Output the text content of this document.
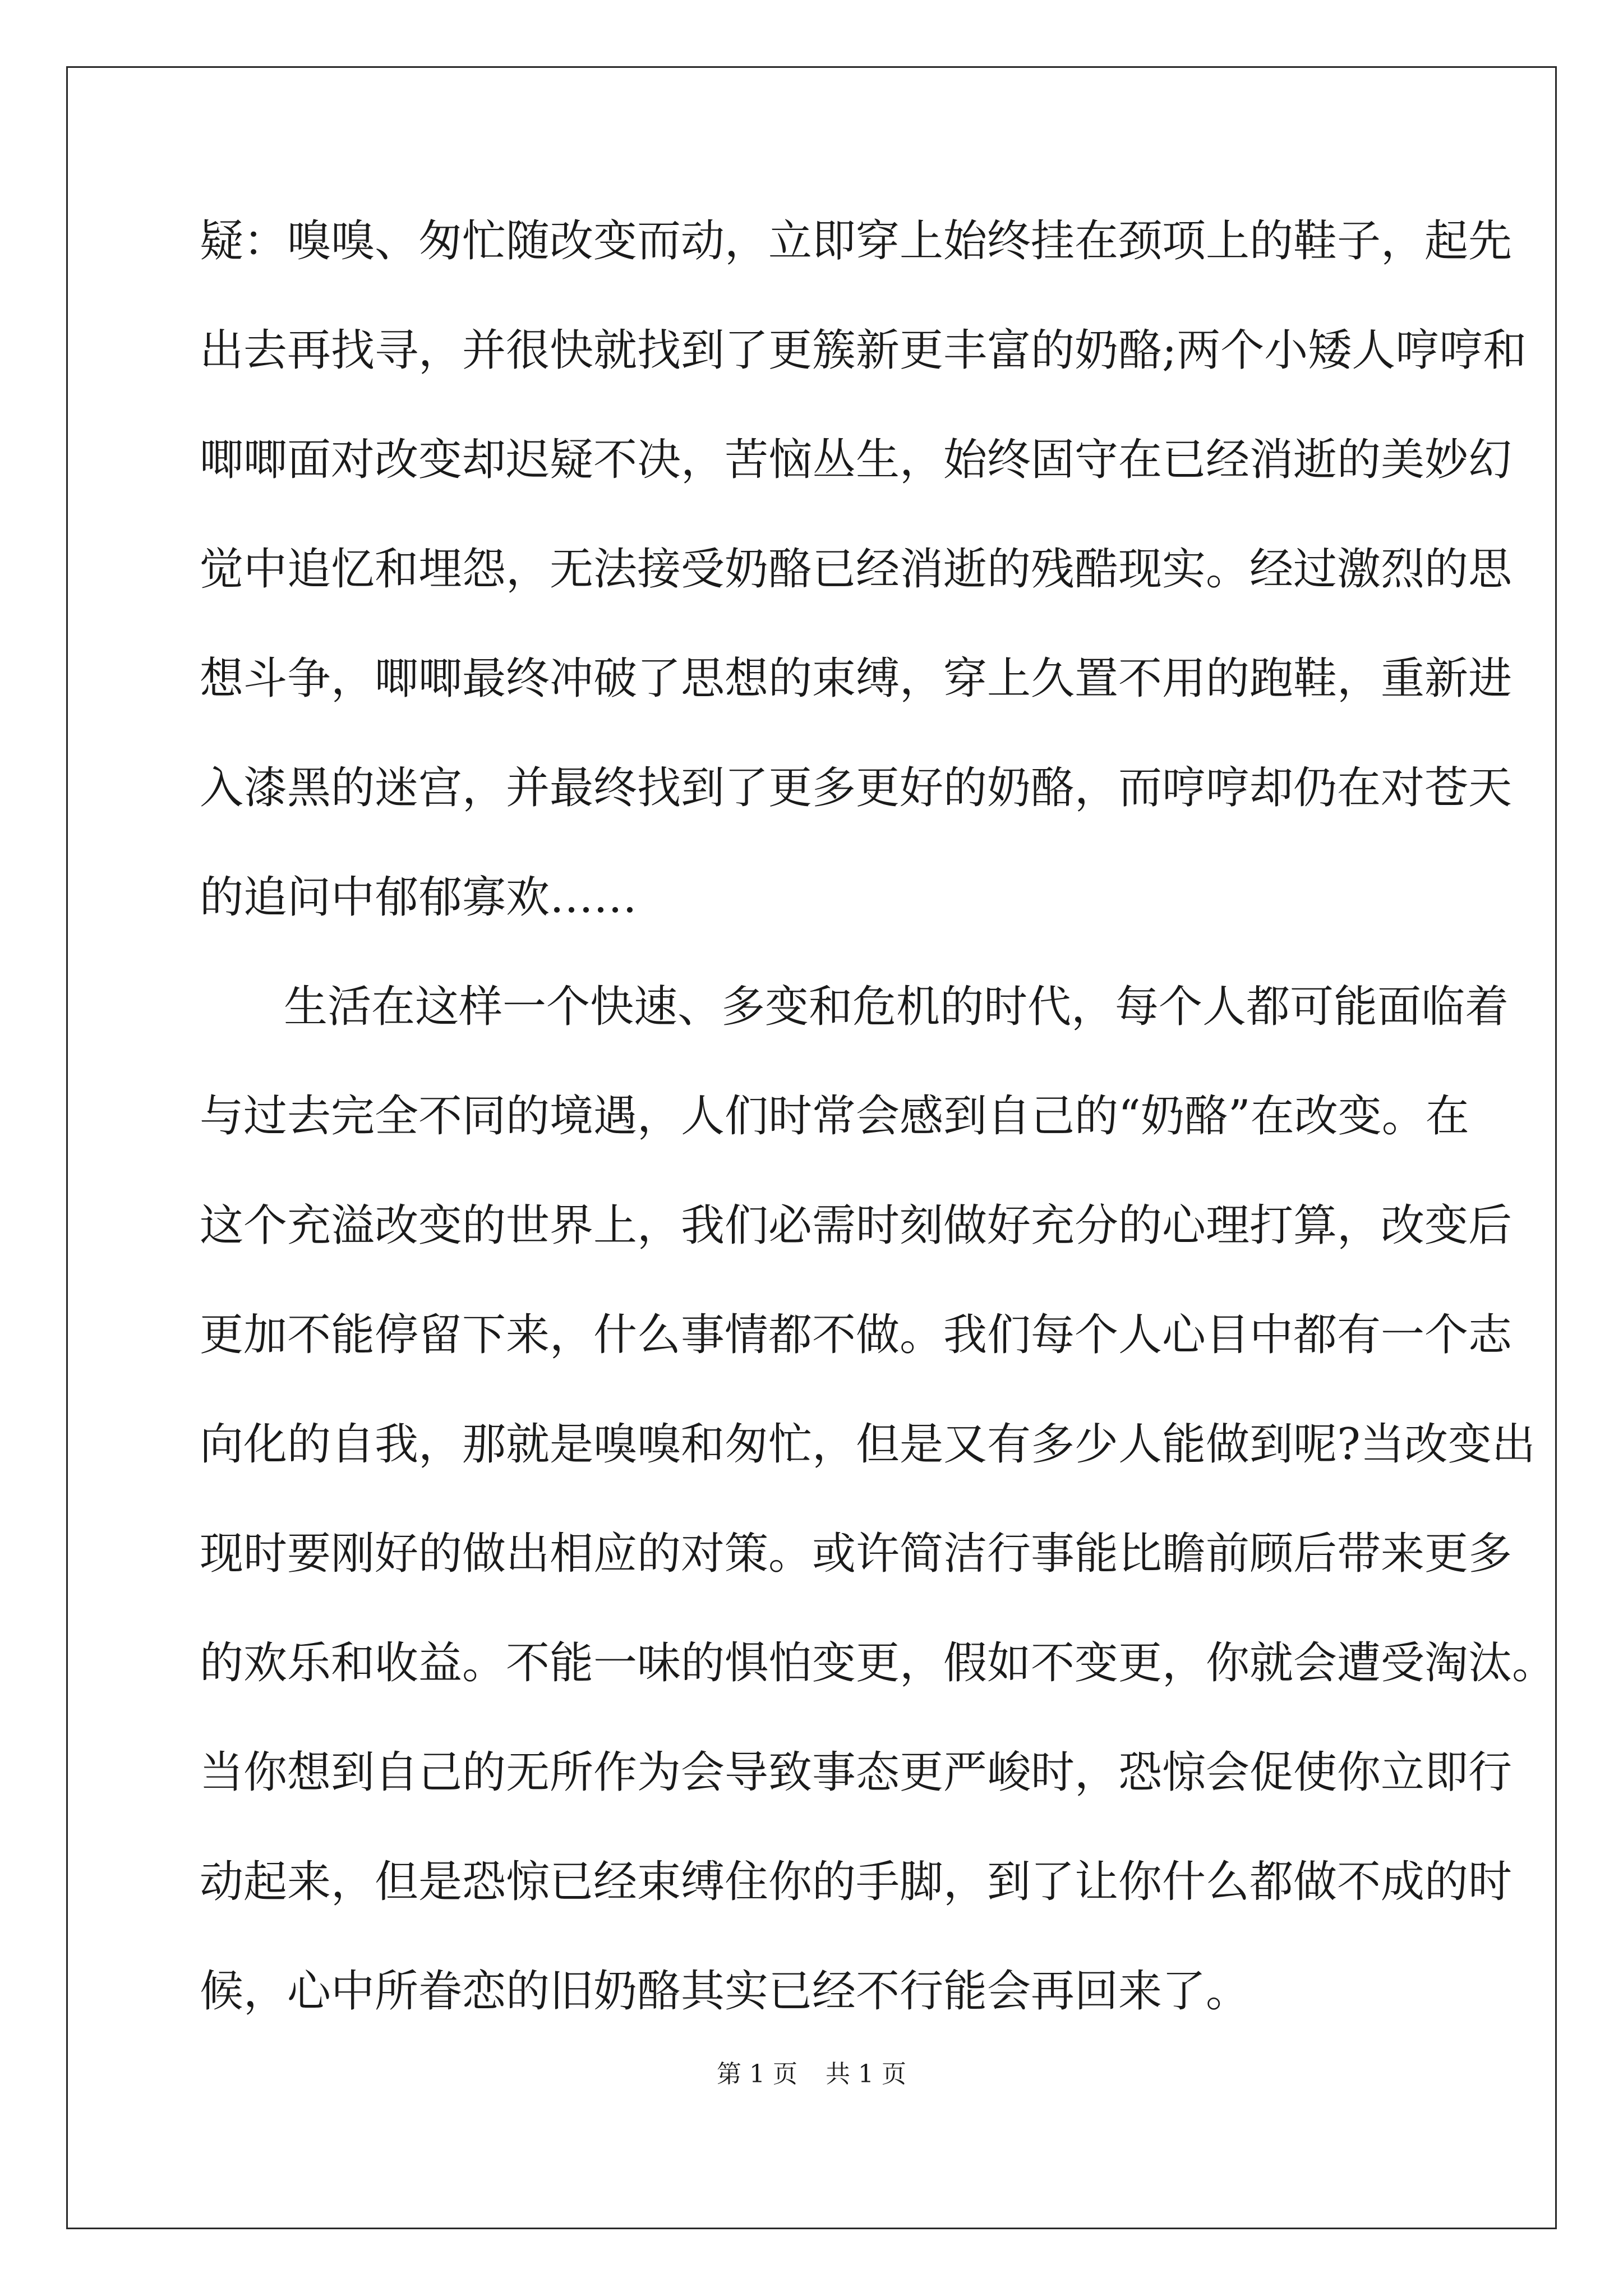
疑：嗅嗅、匆忙随改变而动，立即穿上始终挂在颈项上的鞋子，起先
出去再找寻，并很快就找到了更簇新更丰富的奶酪;两个小矮人哼哼和
唧唧面对改变却迟疑不决，苦恼丛生，始终固守在已经消逝的美妙幻
觉中追忆和埋怨，无法接受奶酪已经消逝的残酷现实。经过激烈的思
想斗争，唧唧最终冲破了思想的束缚，穿上久置不用的跑鞋，重新进
入漆黑的迷宫，并最终找到了更多更好的奶酪，而哼哼却仍在对苍天
的追问中郁郁寡欢……
生活在这样一个快速、多变和危机的时代，每个人都可能面临着
与过去完全不同的境遇，人们时常会感到自己的“奶酪”在改变。在
这个充溢改变的世界上，我们必需时刻做好充分的心理打算，改变后
更加不能停留下来，什么事情都不做。我们每个人心目中都有一个志
向化的自我，那就是嗅嗅和匆忙，但是又有多少人能做到呢?当改变出
现时要刚好的做出相应的对策。或许简洁行事能比瞻前顾后带来更多
的欢乐和收益。不能一味的惧怕变更，假如不变更，你就会遭受淘汰。
当你想到自己的无所作为会导致事态更严峻时，恐惊会促使你立即行
动起来，但是恐惊已经束缚住你的手脚，到了让你什么都做不成的时
候，心中所眷恋的旧奶酪其实已经不行能会再回来了。
第 1 页 共 1 页
